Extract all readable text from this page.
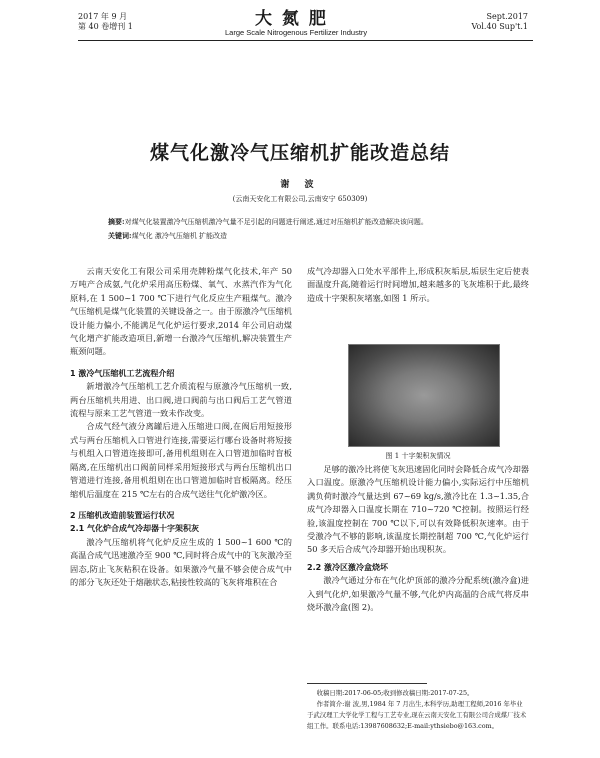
2017 年 9 月
第 40 卷增刊 1	大 氮 肥
Large Scale Nitrogenous Fertilizer Industry
Sept.2017
Vol.40 Sup't.1
煤气化激冷气压缩机扩能改造总结
谢 波
(云南天安化工有限公司,云南安宁 650309)
摘要:对煤气化装置激冷气压缩机激冷气量不足引起的问题进行阐述,通过对压缩机扩能改造解决该问题。
关键词:煤气化 激冷气压缩机 扩能改造

云南天安化工有限公司采用壳牌粉煤气化技术,年产 50 万吨产合成氨,气化炉采用高压粉煤、氧气、水蒸汽作为气化原料,在 1 500~1 700 ℃下进行气化反应生产粗煤气。激冷气压缩机是煤气化装置的关键设备之一。由于原激冷气压缩机设计能力偏小,不能满足气化炉运行要求,2014 年公司启动煤气化增产扩能改造项目,新增一台激冷气压缩机,解决装置生产瓶颈问题。

1 激冷气压缩机工艺流程介绍

新增激冷气压缩机工艺介质流程与原激冷气压缩机一致,两台压缩机共用进、出口阀,进口阀前与出口阀后工艺气管道流程与原来工艺气管道一致未作改变。

合成气经气液分离罐后进入压缩进口阀,在阀后用短接形式与两台压缩机入口管进行连接,需要运行哪台设备时将短接与机组入口管道连接即可,备用机组则在入口管道加临时盲板隔离,在压缩机出口阀前同样采用短接形式与两台压缩机出口管道进行连接,备用机组则在出口管道加临时盲板隔离。经压缩机后温度在 215 ℃左右的合成气送往气化炉激冷区。

2 压缩机改造前装置运行状况

2.1 气化炉合成气冷却器十字架积灰

激冷气压缩机将气化炉反应生成的 1 500~1 600 ℃的高温合成气迅速激冷至 900 ℃,同时将合成气中的飞灰激冷至固态,防止飞灰粘积在设备。如果激冷气量不够会使合成气中的部分飞灰还处于熔融状态,粘接性较高的飞灰将堆积在合

成气冷却器入口处水平部件上,形成积灰垢层,垢层生定后使表面温度升高,随着运行时间增加,越来越多的飞灰堆积于此,最终造成十字架积灰堵塞,如图 1 所示。

图 1 十字架积灰情况

足够的激冷比将使飞灰迅速固化同时会降低合成气冷却器入口温度。原激冷气压缩机设计能力偏小,实际运行中压缩机满负荷时激冷气量达到 67~69 kg/s,激冷比在 1.3~1.35,合成气冷却器入口温度长期在 710~720 ℃控制。按照运行经验,该温度控制在 700 ℃以下,可以有效降低积灰速率。由于受激冷气不够的影响,该温度长期控制超 700 ℃,气化炉运行 50 多天后合成气冷却器开始出现积灰。

2.2 激冷区激冷盒烧坏

激冷气通过分布在气化炉顶部的激冷分配系统(激冷盒)进入到气化炉,如果激冷气量不够,气化炉内高温的合成气将反串烧坏激冷盒(图 2)。

收稿日期:2017-06-05;收到修改稿日期:2017-07-25。

作者简介:谢 波,男,1984 年 7 月出生,本科学历,助理工程师,2016 年毕业于武汉理工大学化学工程与工艺专业,现在云南天安化工有限公司合成煤厂技术组工作。联系电话:13987608632;E-mail:ythsiebo@163.com。
